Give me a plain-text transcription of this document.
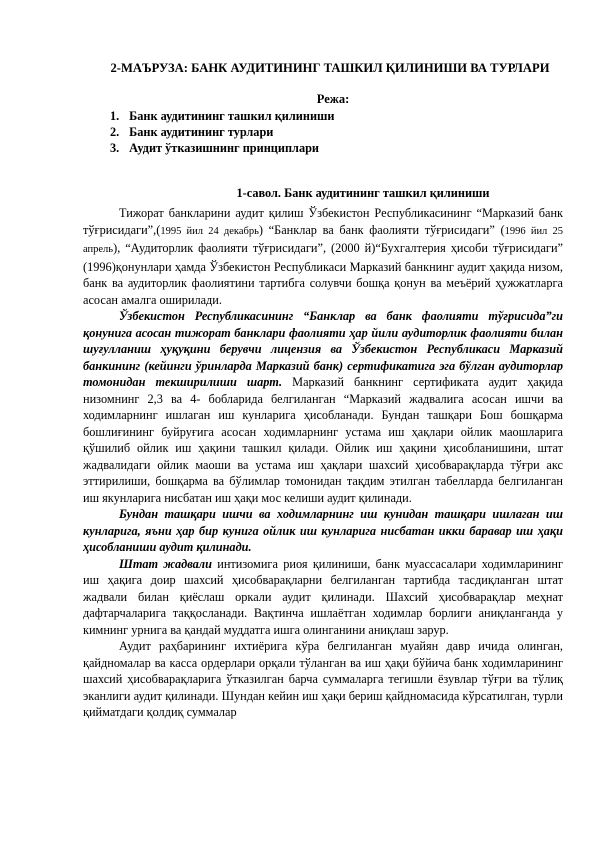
2-МАЪРУЗА: БАНК АУДИТИНИНГ ТАШКИЛ ҚИЛИНИШИ ВА ТУРЛАРИ
Режа:
1. Банк аудитининг ташкил қилиниши
2. Банк аудитининг турлари
3. Аудит ўтказишнинг принциплари
1-савол. Банк аудитининг ташкил қилиниши

Тижорат банкларини аудит қилиш Ўзбекистон Республикасининг “Марказий банк тўғрисидаги”,(1995 йил 24 декабрь) “Банклар ва банк фаолияти тўғрисидаги” (1996 йил 25 апрель), “Аудиторлик фаолияти тўғрисидаги”, (2000 й)“Бухгалтерия ҳисоби тўғрисидаги” (1996)қонунлари ҳамда Ўзбекистон Республикаси Марказий банкнинг аудит ҳақида низом, банк ва аудиторлик фаолиятини тартибга солувчи бошқа қонун ва меъёрий ҳужжатларга асосан амалга оширилади.

Ўзбекистон Республикасининг “Банклар ва банк фаолияти тўғрисида”ги қонунига асосан тижорат банклари фаолияти ҳар йили аудиторлик фаолияти билан шуғулланиш ҳуқуқини берувчи лицензия ва Ўзбекистон Республикаси Марказий банкининг (кейинги ўринларда Марказий банк) сертификатига эга бўлган аудиторлар томонидан текширилиши шарт. Марказий банкнинг сертификата аудит ҳақида низомнинг 2,3 ва 4- бобларида белгиланган “Марказий жадвалига асосан ишчи ва ходимларнинг ишлаган иш кунларига ҳисобланади. Бундан ташқари Бош бошқарма бошлиғининг буйруғига асосан ходимларнинг устама иш ҳақлари ойлик маошларига қўшилиб ойлик иш ҳақини ташкил қилади. Ойлик иш ҳақини ҳисобланишини, штат жадвалидаги ойлик маоши ва устама иш ҳақлари шахсий ҳисобварақларда тўғри акс эттирилиши, бошқарма ва бўлимлар томонидан тақдим этилган табелларда белгиланган иш якунларига нисбатан иш ҳақи мос келиши аудит қилинади.

Бундан ташқари ишчи ва ходимларнинг иш кунидан ташқари ишлаган иш кунларига, яъни ҳар бир кунига ойлик иш кунларига нисбатан икки баравар иш ҳақи ҳисобланиши аудит қилинади.

Штат жадвали интизомига риоя қилиниши, банк муассасалари ходимларининг иш ҳақига доир шахсий ҳисобварақларни белгиланган тартибда тасдиқланган штат жадвали билан қиёслаш оркали аудит қилинади. Шахсий ҳисобварақлар меҳнат дафтарчаларига таққосланади. Вақтинча ишлаётган ходимлар борлиги аниқланганда у кимнинг урнига ва қандай муддатга ишга олинганини аниқлаш зарур.

Аудит раҳбарининг ихтиёрига кўра белгиланган муайян давр ичида олинган, қайдномалар ва касса ордерлари орқали тўланган ва иш ҳақи бўйича банк ходимларининг шахсий ҳисобварақларига ўтказилган барча суммаларга тегишли ёзувлар тўғри ва тўлиқ эканлиги аудит қилинади. Шундан кейин иш ҳақи бериш қайдномасида кўрсатилган, турли қийматдаги қолдиқ суммалар
